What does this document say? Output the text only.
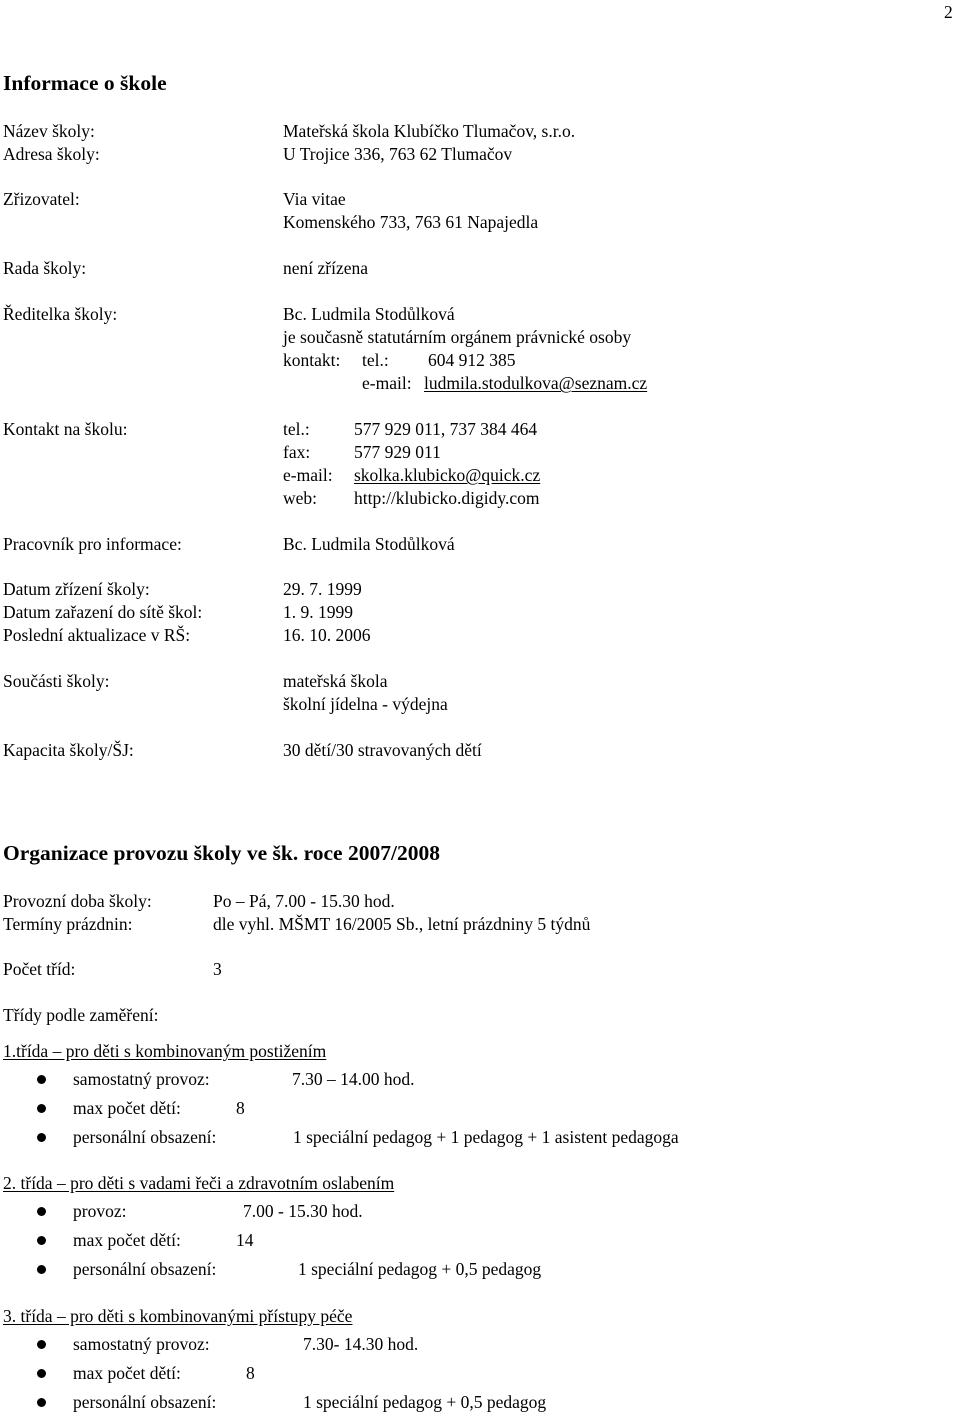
2
Informace o škole
Název školy:	Mateřská škola Klubíčko Tlumačov, s.r.o.
Adresa školy:	U Trojice 336, 763 62 Tlumačov
Zřizovatel:	Via vitae
Komenského 733, 763 61 Napajedla
Rada školy:	není zřízena
Ředitelka školy:	Bc. Ludmila Stodůlková
je současně statutárním orgánem právnické osoby
kontakt: tel.: 604 912 385
e-mail: ludmila.stodulkova@seznam.cz
Kontakt na školu:	tel.:	577 929 011, 737 384 464
fax:	577 929 011
e-mail: skolka.klubicko@quick.cz
web: http://klubicko.digidy.com
Pracovník pro informace:	Bc. Ludmila Stodůlková
Datum zřízení školy:	29. 7. 1999
Datum zařazení do sítě škol:	1. 9. 1999
Poslední aktualizace v RŠ:	16. 10. 2006
Součásti školy:	mateřská škola
školní jídelna - výdejna
Kapacita školy/ŠJ:	30 dětí/30 stravovaných dětí
Organizace provozu školy ve šk. roce 2007/2008
Provozní doba školy:	Po – Pá, 7.00 - 15.30 hod.
Termíny prázdnin:	dle vyhl. MŠMT 16/2005 Sb., letní prázdniny 5 týdnů
Počet tříd:	3
Třídy podle zaměření:
1.třída – pro děti s kombinovaným postižením
samostatný provoz:	7.30 – 14.00 hod.
max počet dětí:	8
personální obsazení:	1 speciální pedagog + 1 pedagog + 1 asistent pedagoga
2. třída – pro děti s vadami řeči a zdravotním oslabením
provoz:	7.00 - 15.30 hod.
max počet dětí:	14
personální obsazení:	1 speciální pedagog + 0,5 pedagog
3. třída – pro děti s kombinovanými přístupy péče
samostatný provoz:	7.30- 14.30 hod.
max počet dětí:	8
personální obsazení:	1 speciální pedagog + 0,5 pedagog
